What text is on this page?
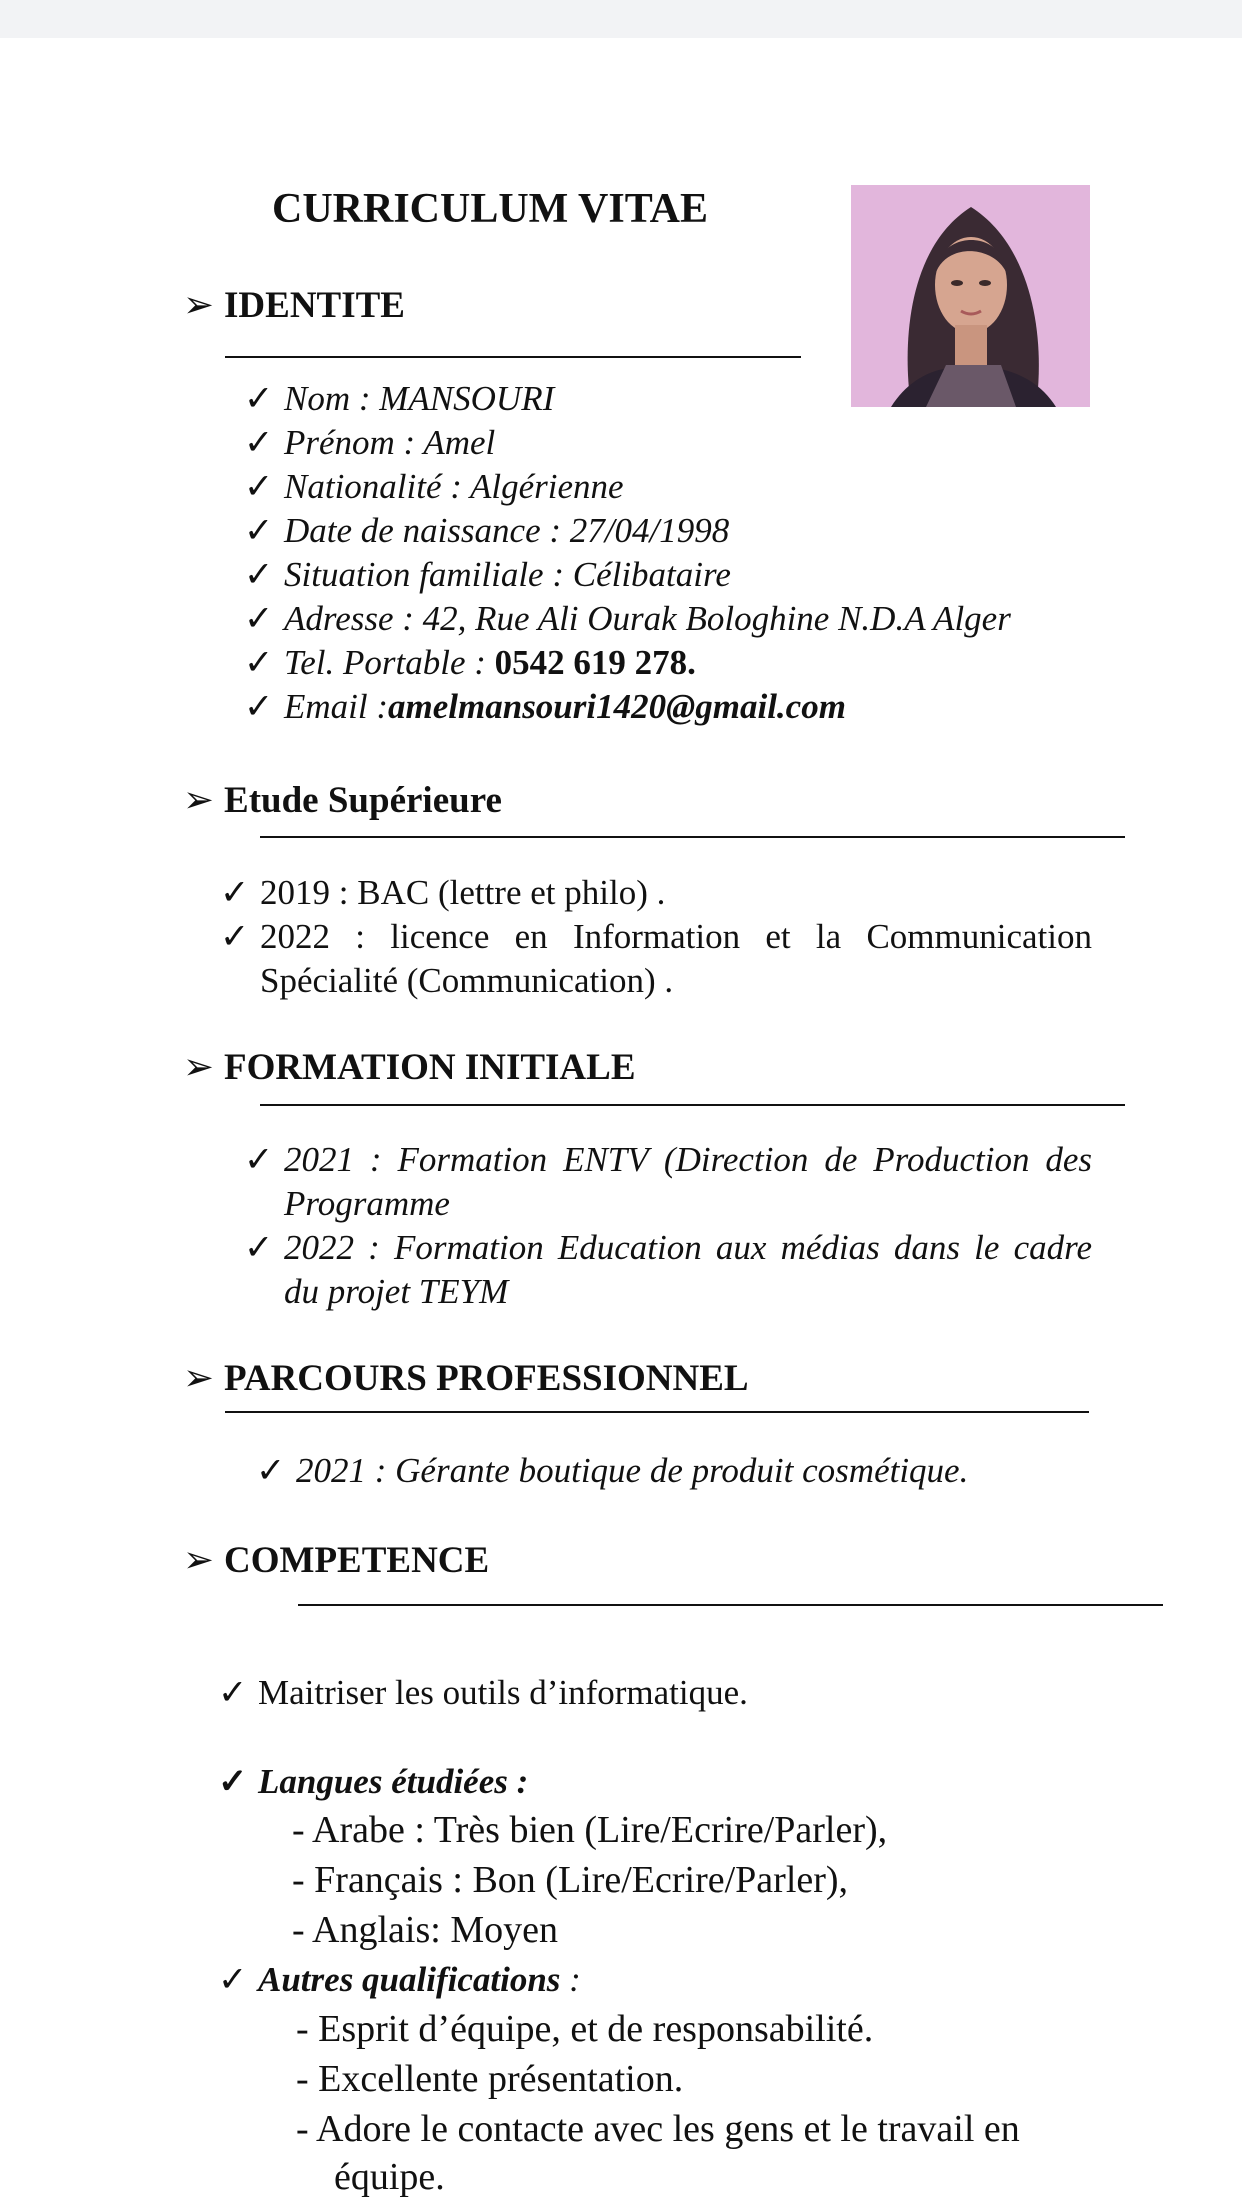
CURRICULUM VITAE
➢ IDENTITE
✓ Nom : MANSOURI
✓ Prénom : Amel
✓ Nationalité : Algérienne
✓ Date de naissance : 27/04/1998
✓ Situation familiale : Célibataire
✓ Adresse : 42, Rue Ali Ourak Bologhine N.D.A Alger
✓ Tel. Portable : 0542 619 278.
✓ Email :amelmansouri1420@gmail.com
➢ Etude Supérieure
✓ 2019 : BAC (lettre et philo) .
✓ 2022 : licence en Information et la Communication Spécialité (Communication) .
➢ FORMATION INITIALE
✓ 2021 : Formation ENTV (Direction de Production des Programme
✓ 2022 : Formation Education aux médias dans le cadre du projet TEYM
➢ PARCOURS PROFESSIONNEL
✓ 2021 : Gérante boutique de produit cosmétique.
➢ COMPETENCE
✓ Maitriser les outils d’informatique.
✓ Langues étudiées :
- Arabe : Très bien (Lire/Ecrire/Parler),
- Français : Bon (Lire/Ecrire/Parler),
- Anglais: Moyen
✓ Autres qualifications :
- Esprit d’équipe, et de responsabilité.
- Excellente présentation.
- Adore le contacte avec les gens et le travail en
équipe.
